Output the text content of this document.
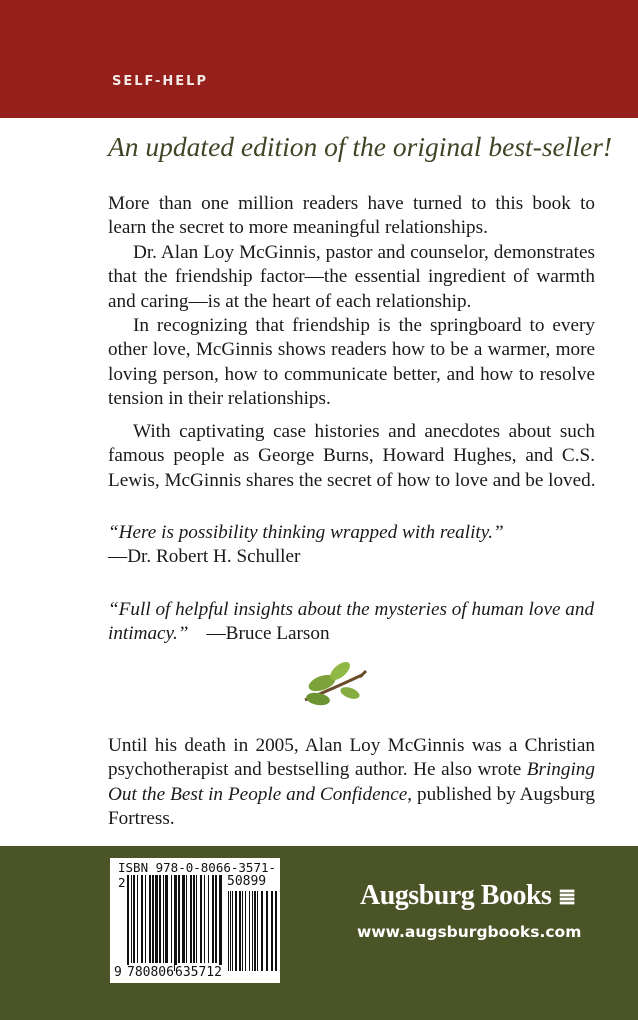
SELF-HELP
An updated edition of the original best-seller!
More than one million readers have turned to this book to
learn the secret to more meaningful relationships.
Dr. Alan Loy McGinnis, pastor and counselor, demonstrates
that the friendship factor—the essential ingredient of warmth
and caring—is at the heart of each relationship.
In recognizing that friendship is the springboard to every
other love, McGinnis shows readers how to be a warmer, more
loving person, how to communicate better, and how to resolve
tension in their relationships.
With captivating case histories and anecdotes about such
famous people as George Burns, Howard Hughes, and C.S.
Lewis, McGinnis shares the secret of how to love and be loved.
“Here is possibility thinking wrapped with reality.”
—Dr. Robert H. Schuller
“Full of helpful insights about the mysteries of human love and
intimacy.” —Bruce Larson
Until his death in 2005, Alan Loy McGinnis was a Christian
psychotherapist and bestselling author. He also wrote Bringing
Out the Best in People and Confidence, published by Augsburg
Fortress.
ISBN 978-0-8066-3571-2	50899
9 780806 635712
Augsburg Books ≣
www.augsburgbooks.com
